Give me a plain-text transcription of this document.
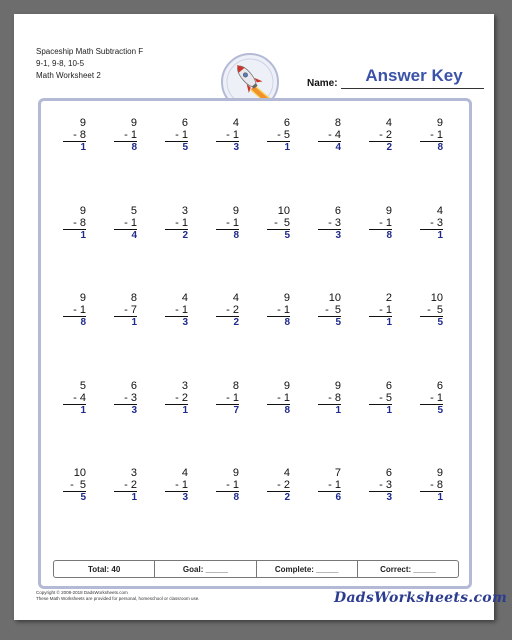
Spaceship Math Subtraction F
9-1, 9-8, 10-5
Math Worksheet 2
Name:	Answer Key
9
- 8
1
9
- 1
8
6
- 1
5
4
- 1
3
6
- 5
1
8
- 4
4
4
- 2
2
9
- 1
8
9
- 8
1
5
- 1
4
3
- 1
2
9
- 1
8
10
-  5
5
6
- 3
3
9
- 1
8
4
- 3
1
9
- 1
8
8
- 7
1
4
- 1
3
4
- 2
2
9
- 1
8
10
-  5
5
2
- 1
1
10
-  5
5
5
- 4
1
6
- 3
3
3
- 2
1
8
- 1
7
9
- 1
8
9
- 8
1
6
- 5
1
6
- 1
5
10
-  5
5
3
- 2
1
4
- 1
3
9
- 1
8
4
- 2
2
7
- 1
6
6
- 3
3
9
- 8
1
Total: 40	Goal: _____	Complete: _____	Correct: _____
Copyright © 2008-2018 DadsWorksheets.com
These Math Worksheets are provided for personal, homeschool or classroom use.	DadsWorksheets.com
